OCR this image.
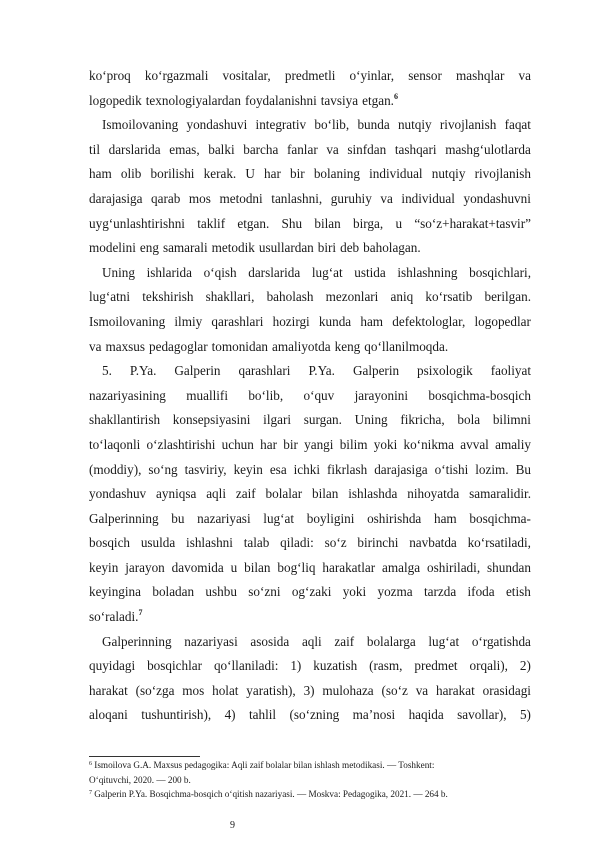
ko‘proq ko‘rgazmali vositalar, predmetli o‘yinlar, sensor mashqlar va
logopedik texnologiyalardan foydalanishni tavsiya etgan.$^6$
Ismoilovaning yondashuvi integrativ bo‘lib, bunda nutqiy rivojlanish faqat
til darslarida emas, balki barcha fanlar va sinfdan tashqari mashg‘ulotlarda
ham olib borilishi kerak. U har bir bolaning individual nutqiy rivojlanish
darajasiga qarab mos metodni tanlashni, guruhiy va individual yondashuvni
uyg‘unlashtirishni taklif etgan. Shu bilan birga, u “so‘z+harakat+tasvir”
modelini eng samarali metodik usullardan biri deb baholagan.
Uning ishlarida o‘qish darslarida lug‘at ustida ishlashning bosqichlari,
lug‘atni tekshirish shakllari, baholash mezonlari aniq ko‘rsatib berilgan.
Ismoilovaning ilmiy qarashlari hozirgi kunda ham defektologlar, logopedlar
va maxsus pedagoglar tomonidan amaliyotda keng qo‘llanilmoqda.
5. P.Ya. Galperin qarashlari P.Ya. Galperin psixologik faoliyat
nazariyasining muallifi bo‘lib, o‘quv jarayonini bosqichma-bosqich
shakllantirish konsepsiyasini ilgari surgan. Uning fikricha, bola bilimni
to‘laqonli o‘zlashtirishi uchun har bir yangi bilim yoki ko‘nikma avval amaliy
(moddiy), so‘ng tasviriy, keyin esa ichki fikrlash darajasiga o‘tishi lozim. Bu
yondashuv ayniqsa aqli zaif bolalar bilan ishlashda nihoyatda samaralidir.
Galperinning bu nazariyasi lug‘at boyligini oshirishda ham bosqichma-
bosqich usulda ishlashni talab qiladi: so‘z birinchi navbatda ko‘rsatiladi,
keyin jarayon davomida u bilan bog‘liq harakatlar amalga oshiriladi, shundan
keyingina boladan ushbu so‘zni og‘zaki yoki yozma tarzda ifoda etish
so‘raladi.$^7$
Galperinning nazariyasi asosida aqli zaif bolalarga lug‘at o‘rgatishda
quyidagi bosqichlar qo‘llaniladi: 1) kuzatish (rasm, predmet orqali), 2)
harakat (so‘zga mos holat yaratish), 3) mulohaza (so‘z va harakat orasidagi
aloqani tushuntirish), 4) tahlil (so‘zning ma’nosi haqida savollar), 5)
$^6$ Ismoilova G.A. Maxsus pedagogika: Aqli zaif bolalar bilan ishlash metodikasi. — Toshkent:
O‘qituvchi, 2020. — 200 b.
$^7$ Galperin P.Ya. Bosqichma-bosqich o‘qitish nazariyasi. — Moskva: Pedagogika, 2021. — 264 b.
9
